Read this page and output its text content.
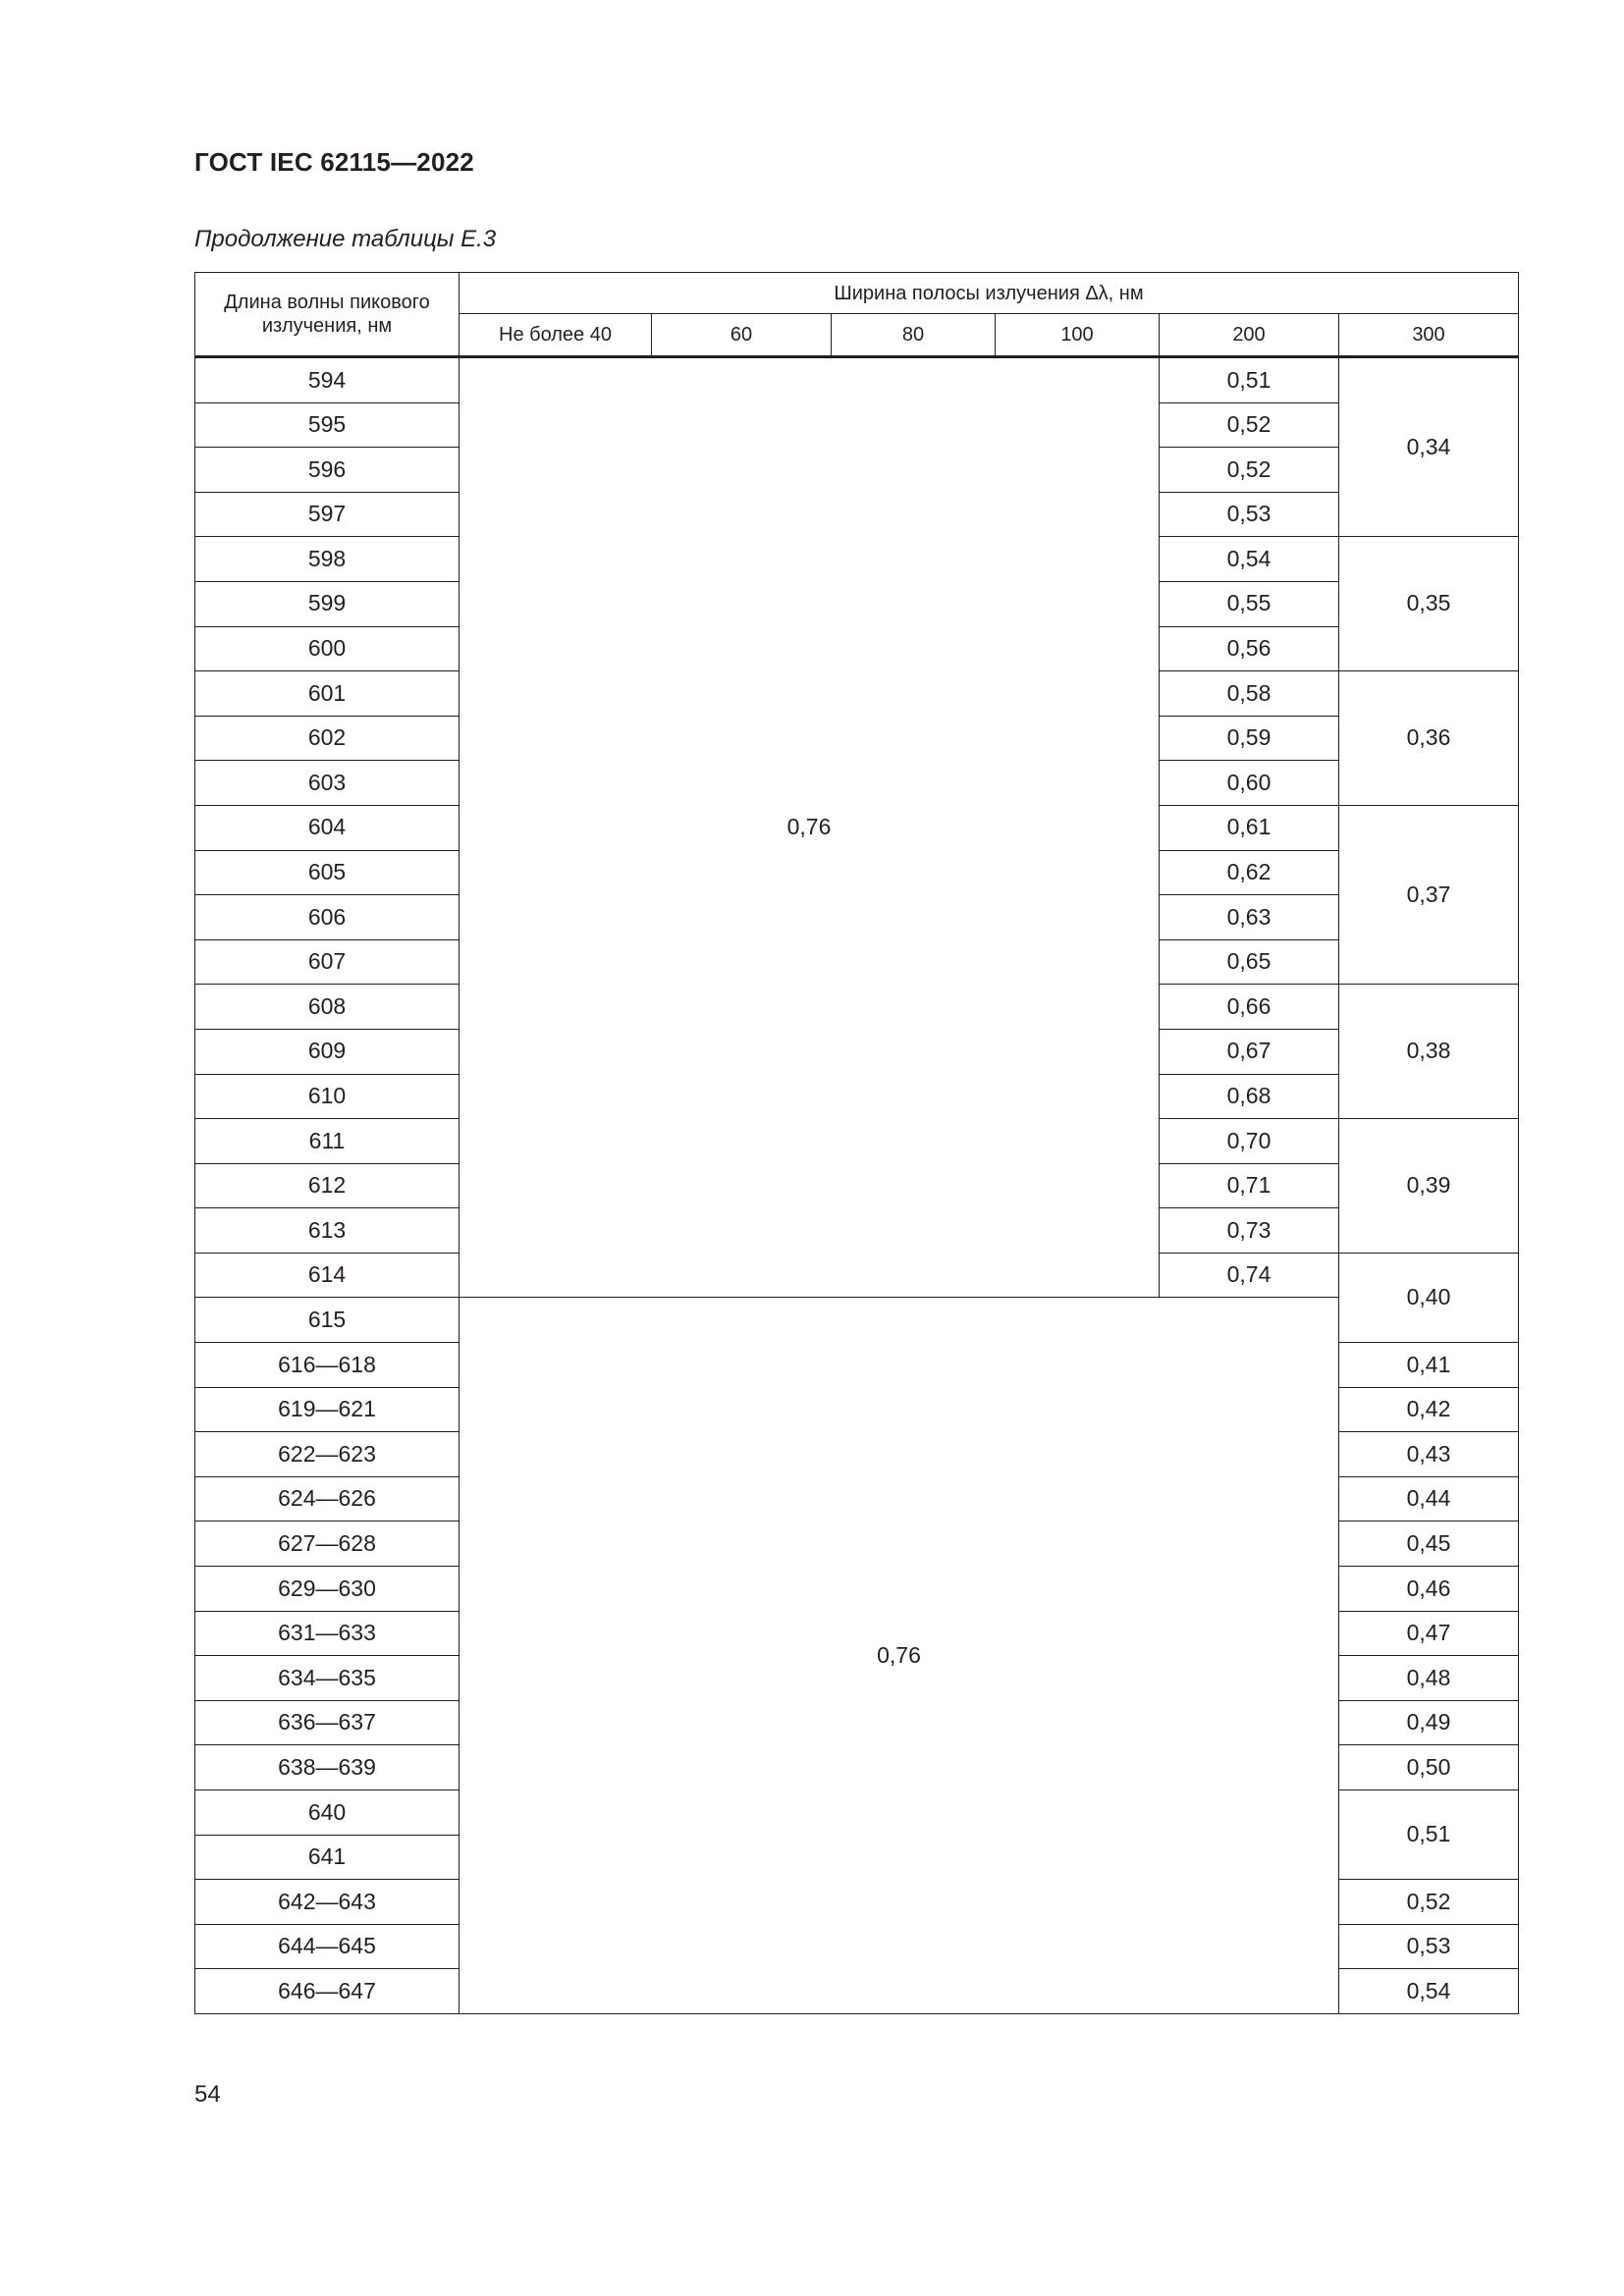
ГОСТ IEC 62115—2022
Продолжение таблицы E.3
Длина волны пикового излучения, нм	Ширина полосы излучения Δλ, нм					
	Не более 40	60	80	100	200	300
594	0,76				0,51	0,34
595					0,52	
596					0,52	
597					0,53	
598					0,54	0,35
599					0,55	
600					0,56	
601					0,58	0,36
602					0,59	
603					0,60	
604					0,61	0,37
605					0,62	
606					0,63	
607					0,65	
608					0,66	0,38
609					0,67	
610					0,68	
611					0,70	0,39
612					0,71	
613					0,73	
614					0,74	0,40
615	0,76					
616—618						0,41
619—621						0,42
622—623						0,43
624—626						0,44
627—628						0,45
629—630						0,46
631—633						0,47
634—635						0,48
636—637						0,49
638—639						0,50
640						0,51
641						
642—643						0,52
644—645						0,53
646—647						0,54
54
